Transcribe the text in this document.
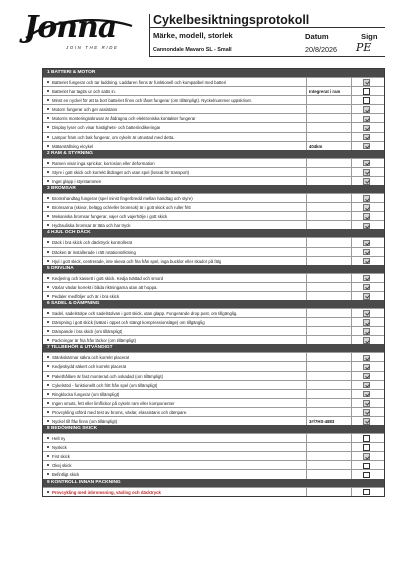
Jonna
JOIN THE RIDE
Cykelbesiktningsprotokoll
Märke, modell, storlek
Cannondale Mavaro SL - Small
Datum
20/8/2026
Sign
PE
1 BATTERI & MOTOR
Batteriet fungerar och tar laddning. Laddaren finns är funktionell och kompatibel med batteri
Batteriet har tagits ur och satts in.	Integrerat i ram
Minst en nyckel för att ta bort batteriet finns och låset fungerar (om tillämpligt). Nyckelnummer uppskrivet.
Motorn fungerar och ger assistans
Motorns monteringsskruvar är åtdragna och elektroniska kontakter fungerar
Display lyser och visar hastighets- och batteriindikeringar
Lampor fram och bak fungerar, om cykeln är utrustad med detta.
Mätarställning elcykel	404km
2 RAM & STYRNING
Ramen visar inga sprickor, korrosion eller deformation
Styre i gott skick och korrekt åtdraget och utan spel (lossat för transport)
Inget glapp i styrstammen
3 BROMSAR
Bromshandtag fungerar (spel minst fingerbredd mellan handtag och styre)
Bromsarna (skivor, belägg och/eller bromsok) är i gott skick och ruller fritt
Mekaniska bromsar fungerar, vajer och vajerhölje i gott skick
Hydrauliska bromsar är täta och har tryck
4 HJUL OCH DÄCK
Däck i bra skick och däcktryck kontrollerat
Däcken är installerade i rätt rotationsriktning
Hjul i gott skick, centrerade, inte skeva och fria från spel, inga bucklor eller skador på fälg
5 DRIVLINA
Kedjering och kassett i gott skick. Kedja tvättad och smord
Växlar växlar korrekt i båda riktningarna utan att hoppa.
Pedaler medföljer och är i bra skick
6 SADEL & DÄMPNING
Sadel, sadelstolpe och sadelstolvan i gott skick, utan glapp. Fungerande drop post, om tillgänglig.
Dämpning i gott skick (tvätat i öppet och stängt kompressionsläge) om tillgänglig
Dämpande i bra skick (om tillämpligt)
Packningar är fria från läckor (om tillämpligt)
7 TILLBEHÖR & UTVÄNDIGT
Stänkskärmar säkra och korrekt placerat
Kedjeskydd säkert och korrekt placerat
Pakethållare är fast monterad och oskadad (om tillämpligt)
Cykelstöd - funktionellt och fritt från spel (om tillämpligt)
Ringklocka fungerar (om tillämpligt)
Ingen smuts, fett eller limflickor på cykeln ram eller komponenter
Provcykling utförd med test av broms, växlar, elassistans och dämpare.
Nyckel till ftlw finns (om tillämpligt)	3#/7HS-4883
8 BEDÖMNING SKICK
Helt ny
Nyskick
Fint skick
Okej skick
Befintligt skick
9 KONTROLL INNAN PACKNING
Provcykling med inbromsning, växling och däcktryck
